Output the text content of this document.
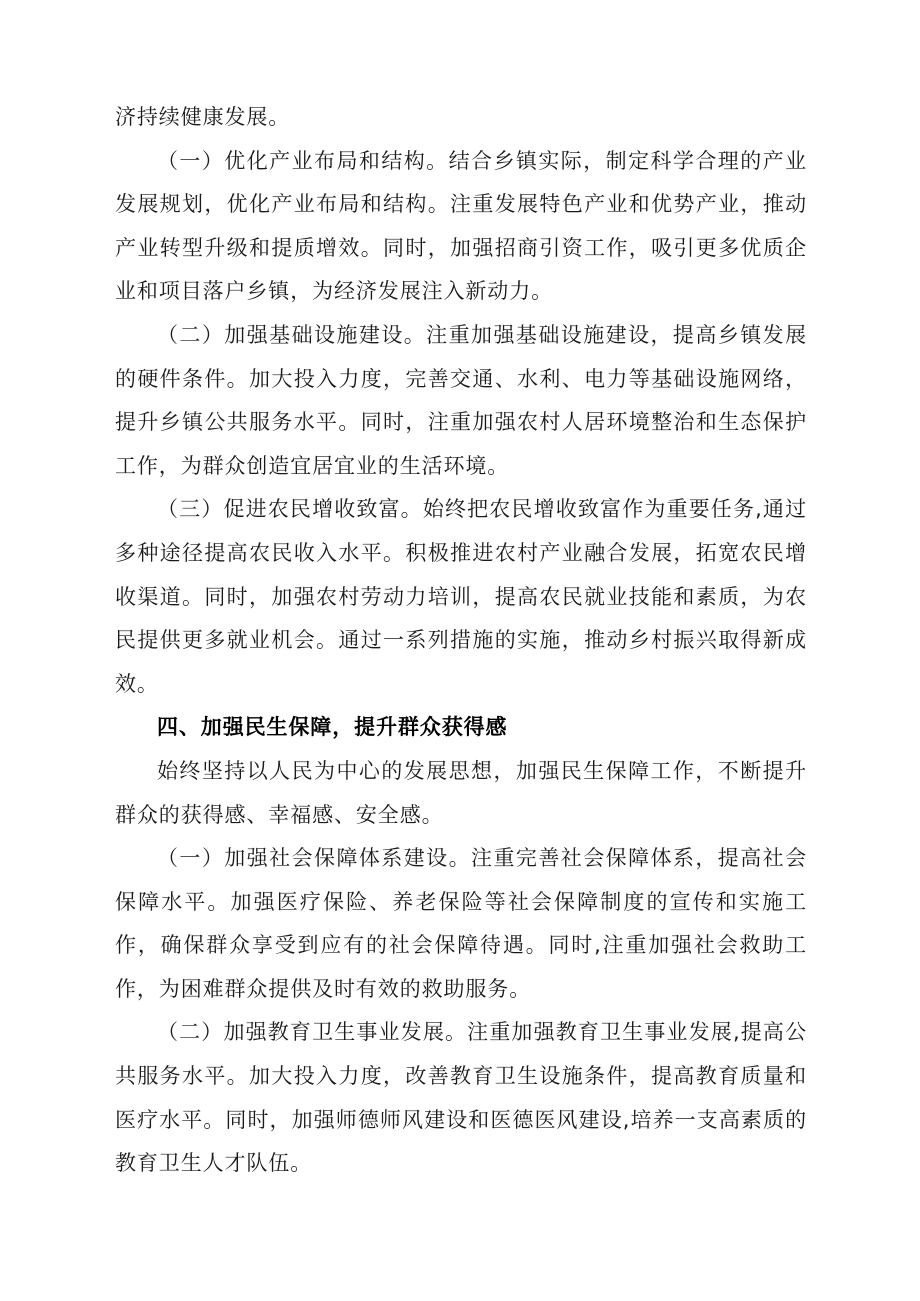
济持续健康发展。

（一）优化产业布局和结构。结合乡镇实际，制定科学合理的产业发展规划，优化产业布局和结构。注重发展特色产业和优势产业，推动产业转型升级和提质增效。同时，加强招商引资工作，吸引更多优质企业和项目落户乡镇，为经济发展注入新动力。

（二）加强基础设施建设。注重加强基础设施建设，提高乡镇发展的硬件条件。加大投入力度，完善交通、水利、电力等基础设施网络，提升乡镇公共服务水平。同时，注重加强农村人居环境整治和生态保护工作，为群众创造宜居宜业的生活环境。

（三）促进农民增收致富。始终把农民增收致富作为重要任务,通过多种途径提高农民收入水平。积极推进农村产业融合发展，拓宽农民增收渠道。同时，加强农村劳动力培训，提高农民就业技能和素质，为农民提供更多就业机会。通过一系列措施的实施，推动乡村振兴取得新成效。

四、加强民生保障，提升群众获得感

始终坚持以人民为中心的发展思想，加强民生保障工作，不断提升群众的获得感、幸福感、安全感。

（一）加强社会保障体系建设。注重完善社会保障体系，提高社会保障水平。加强医疗保险、养老保险等社会保障制度的宣传和实施工作，确保群众享受到应有的社会保障待遇。同时,注重加强社会救助工作，为困难群众提供及时有效的救助服务。

（二）加强教育卫生事业发展。注重加强教育卫生事业发展,提高公共服务水平。加大投入力度，改善教育卫生设施条件，提高教育质量和医疗水平。同时，加强师德师风建设和医德医风建设,培养一支高素质的教育卫生人才队伍。
